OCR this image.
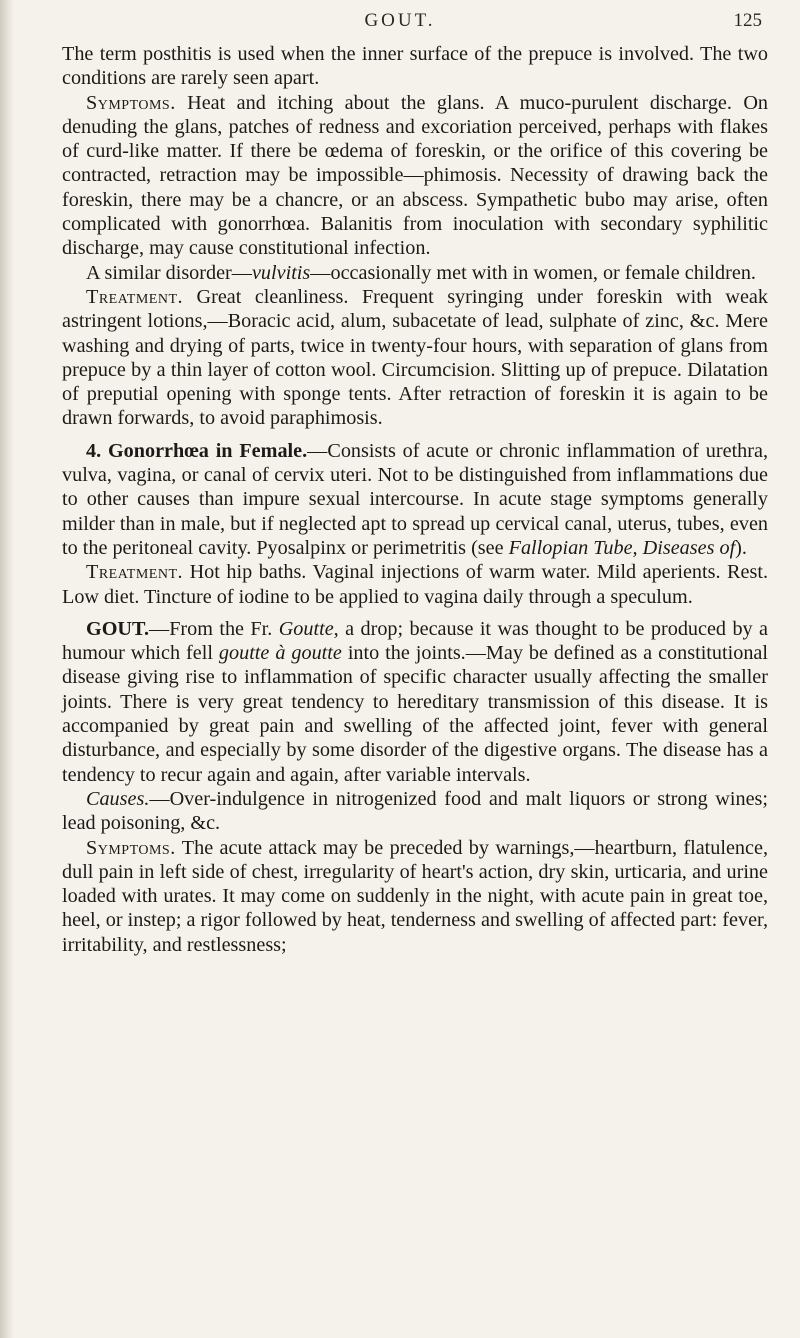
GOUT.	125

The term posthitis is used when the inner surface of the prepuce is involved. The two conditions are rarely seen apart.

Symptoms. Heat and itching about the glans. A muco-purulent discharge. On denuding the glans, patches of redness and excoriation perceived, perhaps with flakes of curd-like matter. If there be œdema of foreskin, or the orifice of this covering be contracted, retraction may be impossible—phimosis. Necessity of drawing back the foreskin, there may be a chancre, or an abscess. Sympathetic bubo may arise, often complicated with gonorrhœa. Balanitis from inoculation with secondary syphilitic discharge, may cause constitutional infection.

A similar disorder—vulvitis—occasionally met with in women, or female children.

Treatment. Great cleanliness. Frequent syringing under foreskin with weak astringent lotions,—Boracic acid, alum, subacetate of lead, sulphate of zinc, &c. Mere washing and drying of parts, twice in twenty-four hours, with separation of glans from prepuce by a thin layer of cotton wool. Circumcision. Slitting up of prepuce. Dilatation of preputial opening with sponge tents. After retraction of foreskin it is again to be drawn forwards, to avoid paraphimosis.

4. Gonorrhœa in Female.—Consists of acute or chronic inflammation of urethra, vulva, vagina, or canal of cervix uteri. Not to be distinguished from inflammations due to other causes than impure sexual intercourse. In acute stage symptoms generally milder than in male, but if neglected apt to spread up cervical canal, uterus, tubes, even to the peritoneal cavity. Pyosalpinx or perimetritis (see Fallopian Tube, Diseases of).

Treatment. Hot hip baths. Vaginal injections of warm water. Mild aperients. Rest. Low diet. Tincture of iodine to be applied to vagina daily through a speculum.

GOUT.—From the Fr. Goutte, a drop; because it was thought to be produced by a humour which fell goutte à goutte into the joints.—May be defined as a constitutional disease giving rise to inflammation of specific character usually affecting the smaller joints. There is very great tendency to hereditary transmission of this disease. It is accompanied by great pain and swelling of the affected joint, fever with general disturbance, and especially by some disorder of the digestive organs. The disease has a tendency to recur again and again, after variable intervals.

Causes.—Over-indulgence in nitrogenized food and malt liquors or strong wines; lead poisoning, &c.

Symptoms. The acute attack may be preceded by warnings,—heartburn, flatulence, dull pain in left side of chest, irregularity of heart's action, dry skin, urticaria, and urine loaded with urates. It may come on suddenly in the night, with acute pain in great toe, heel, or instep; a rigor followed by heat, tenderness and swelling of affected part: fever, irritability, and restlessness;
